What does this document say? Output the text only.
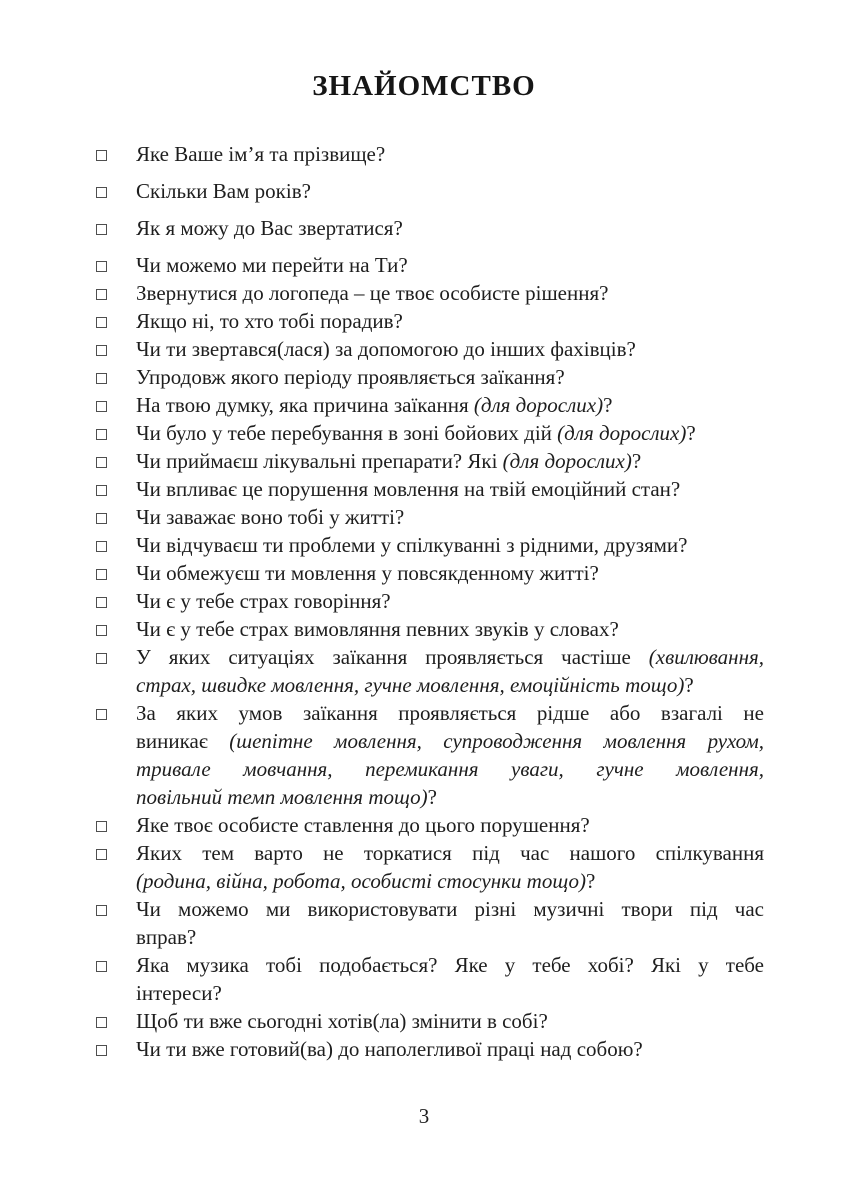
ЗНАЙОМСТВО
Яке Ваше ім’я та прізвище?
Скільки Вам років?
Як я можу до Вас звертатися?
Чи можемо ми перейти на Ти?
Звернутися до логопеда – це твоє особисте рішення?
Якщо ні, то хто тобі порадив?
Чи ти звертався(лася) за допомогою до інших фахівців?
Упродовж якого періоду проявляється заїкання?
На твою думку, яка причина заїкання (для дорослих)?
Чи було у тебе перебування в зоні бойових дій (для дорослих)?
Чи приймаєш лікувальні препарати? Які (для дорослих)?
Чи впливає це порушення мовлення на твій емоційний стан?
Чи заважає воно тобі у житті?
Чи відчуваєш ти проблеми у спілкуванні з рідними, друзями?
Чи обмежуєш ти мовлення у повсякденному житті?
Чи є у тебе страх говоріння?
Чи є у тебе страх вимовляння певних звуків у словах?
У яких ситуаціях заїкання проявляється частіше (хвилювання,
страх, швидке мовлення, гучне мовлення, емоційність тощо)?
За яких умов заїкання проявляється рідше або взагалі не
виникає (шепітне мовлення, супроводження мовлення рухом,
тривале мовчання, перемикання уваги, гучне мовлення,
повільний темп мовлення тощо)?
Яке твоє особисте ставлення до цього порушення?
Яких тем варто не торкатися під час нашого спілкування
(родина, війна, робота, особисті стосунки тощо)?
Чи можемо ми використовувати різні музичні твори під час
вправ?
Яка музика тобі подобається? Яке у тебе хобі? Які у тебе
інтереси?
Щоб ти вже сьогодні хотів(ла) змінити в собі?
Чи ти вже готовий(ва) до наполегливої праці над собою?
3
